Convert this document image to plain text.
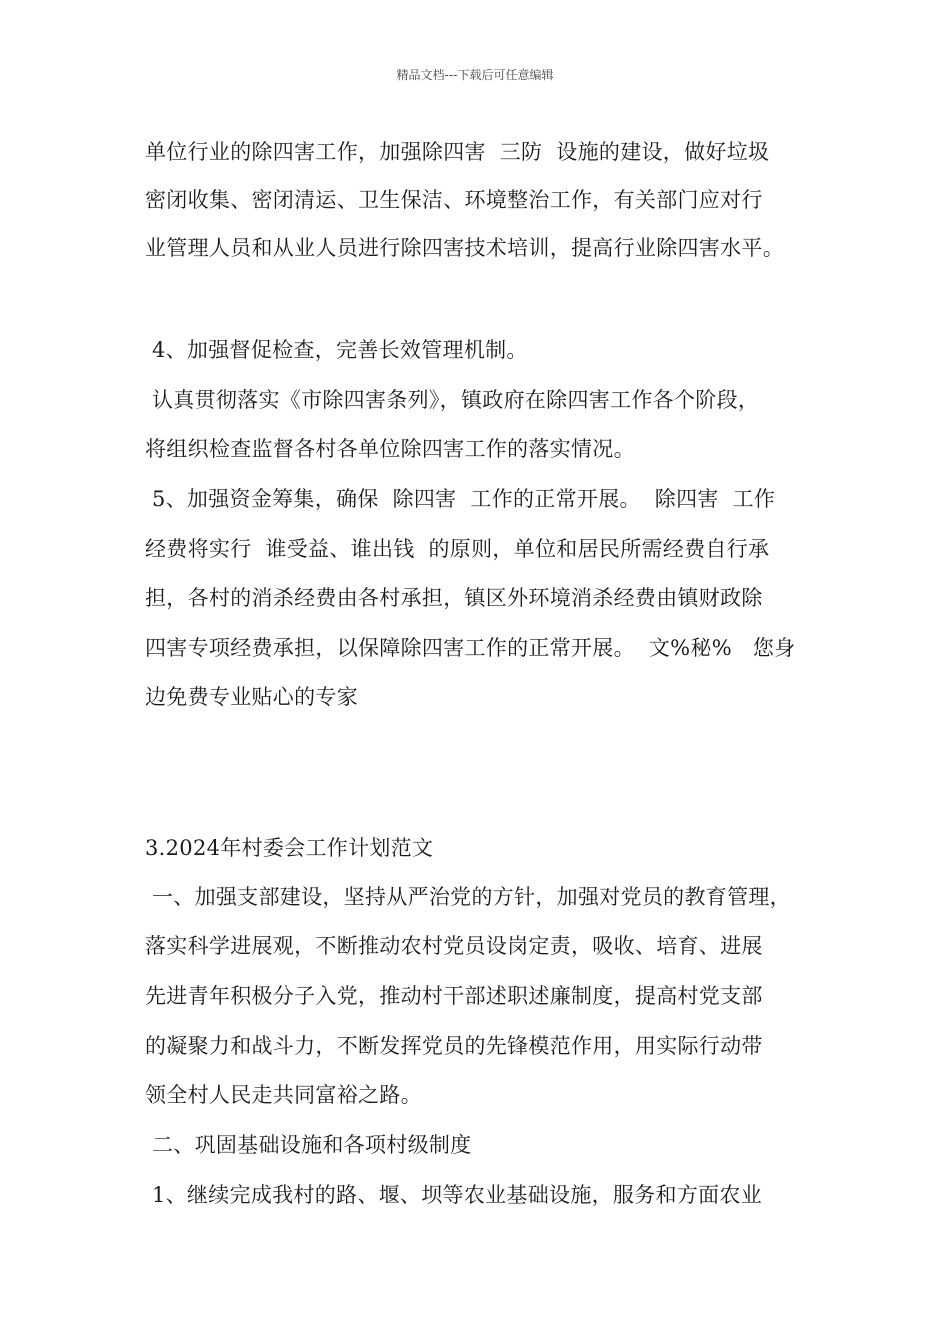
精品文档---下载后可任意编辑
单位行业的除四害工作，加强除四害  三防  设施的建设，做好垃圾
密闭收集、密闭清运、卫生保洁、环境整治工作，有关部门应对行
业管理人员和从业人员进行除四害技术培训，提高行业除四害水平。
4、加强督促检查，完善长效管理机制。
认真贯彻落实《市除四害条列》，镇政府在除四害工作各个阶段，
将组织检查监督各村各单位除四害工作的落实情况。
5、加强资金筹集，确保  除四害  工作的正常开展。  除四害  工作
经费将实行  谁受益、谁出钱  的原则，单位和居民所需经费自行承
担，各村的消杀经费由各村承担，镇区外环境消杀经费由镇财政除
四害专项经费承担，以保障除四害工作的正常开展。  文%秘%   您身
边免费专业贴心的专家
3.2024年村委会工作计划范文
一、加强支部建设，坚持从严治党的方针，加强对党员的教育管理，
落实科学进展观，不断推动农村党员设岗定责，吸收、培育、进展
先进青年积极分子入党，推动村干部述职述廉制度，提高村党支部
的凝聚力和战斗力，不断发挥党员的先锋模范作用，用实际行动带
领全村人民走共同富裕之路。
二、巩固基础设施和各项村级制度
1、继续完成我村的路、堰、坝等农业基础设施，服务和方面农业
